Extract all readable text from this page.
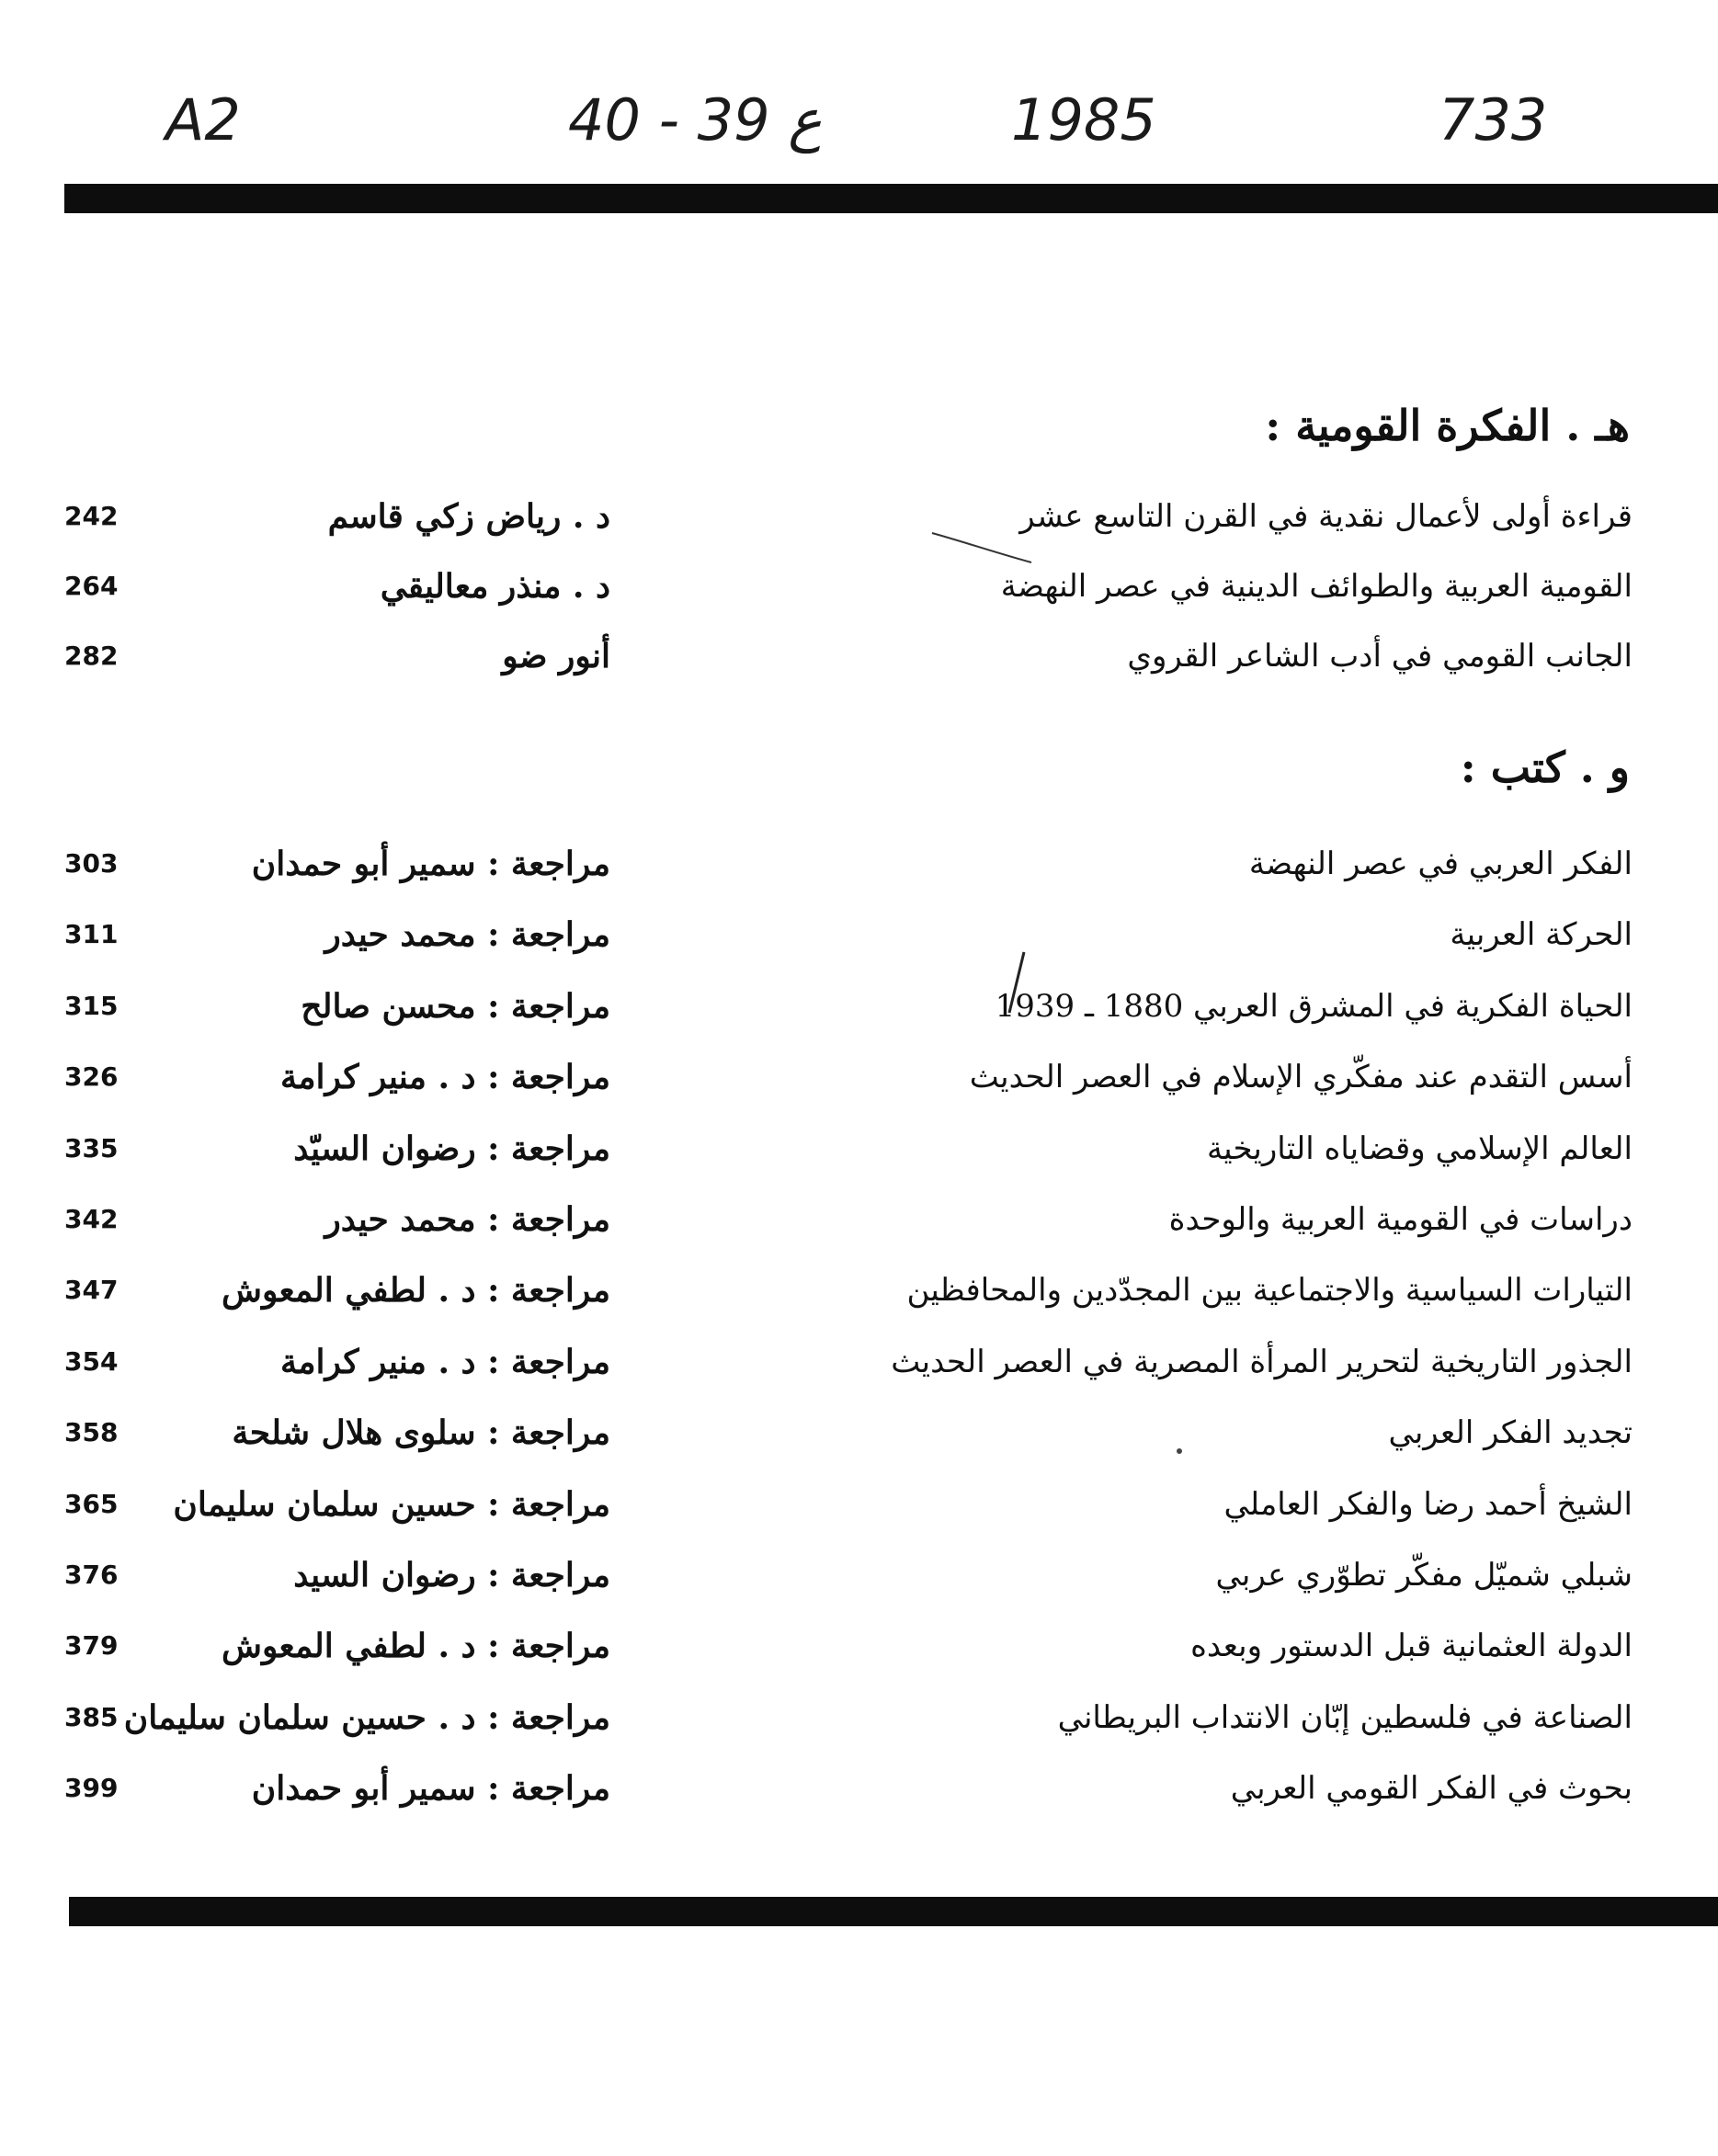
A2	40 - 39 ع	1985	733
هـ . الفكرة القومية :
قراءة أولى لأعمال نقدية في القرن التاسع عشر
د . رياض زكي قاسم
242
القومية العربية والطوائف الدينية في عصر النهضة
د . منذر معاليقي
264
الجانب القومي في أدب الشاعر القروي
أنور ضو
282
و . كتب :
الفكر العربي في عصر النهضة
مراجعة : سمير أبو حمدان
303
الحركة العربية
مراجعة : محمد حيدر
311
الحياة الفكرية في المشرق العربي 1880 ـ 1939
مراجعة : محسن صالح
315
أسس التقدم عند مفكّري الإسلام في العصر الحديث
مراجعة : د . منير كرامة
326
العالم الإسلامي وقضاياه التاريخية
مراجعة : رضوان السيّد
335
دراسات في القومية العربية والوحدة
مراجعة : محمد حيدر
342
التيارات السياسية والاجتماعية بين المجدّدين والمحافظين
مراجعة : د . لطفي المعوش
347
الجذور التاريخية لتحرير المرأة المصرية في العصر الحديث
مراجعة : د . منير كرامة
354
تجديد الفكر العربي
مراجعة : سلوى هلال شلحة
358
الشيخ أحمد رضا والفكر العاملي
مراجعة : حسين سلمان سليمان
365
شبلي شميّل مفكّر تطوّري عربي
مراجعة : رضوان السيد
376
الدولة العثمانية قبل الدستور وبعده
مراجعة : د . لطفي المعوش
379
الصناعة في فلسطين إبّان الانتداب البريطاني
مراجعة : د . حسين سلمان سليمان
385
بحوث في الفكر القومي العربي
مراجعة : سمير أبو حمدان
399
